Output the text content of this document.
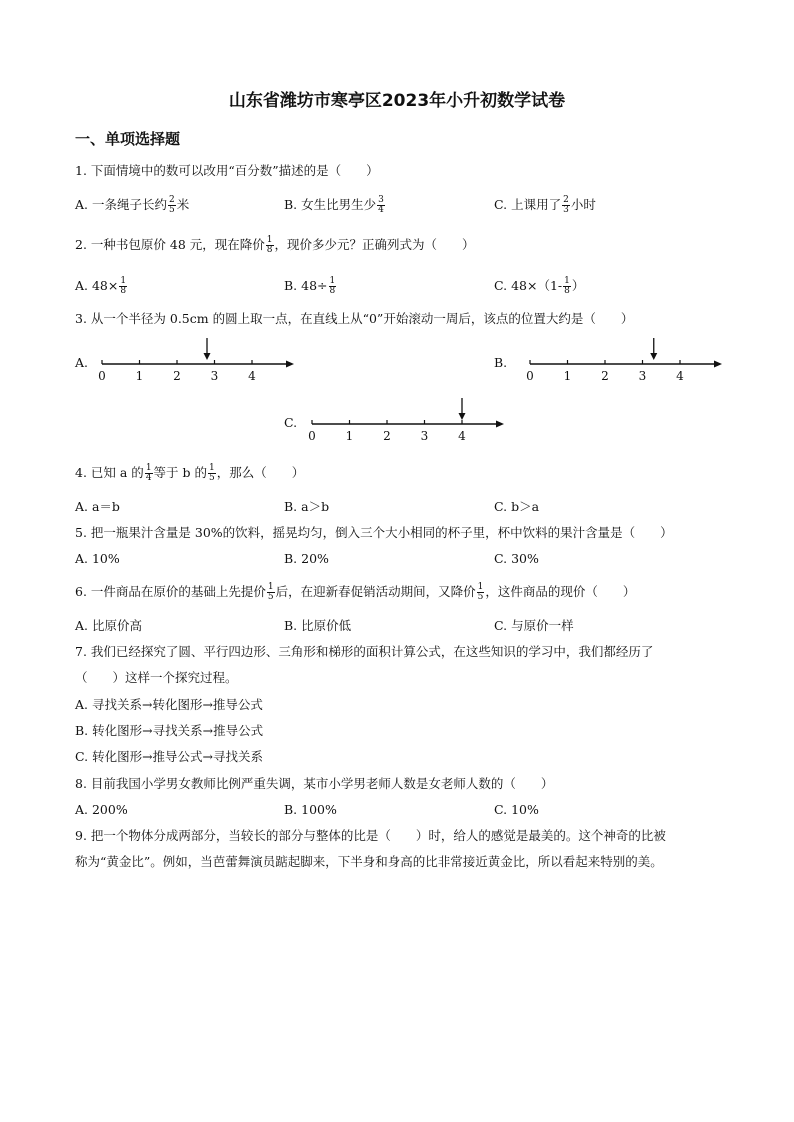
山东省潍坊市寒亭区2023年小升初数学试卷
一、单项选择题
1. 下面情境中的数可以改用“百分数”描述的是（　　）
A. 一条绳子长约 $\frac{2}{5}$ 米	B. 女生比男生少 $\frac{3}{4}$	C. 上课用了 $\frac{2}{3}$ 小时
2. 一种书包原价 48 元，现在降价 $\frac{1}{8}$ ，现价多少元？正确列式为（　　）
A. $48\times \frac{1}{8}$	B. $48\div \frac{1}{8}$	C. $48\times(1- \frac{1}{8}$ ）
3. 从一个半径为 0.5cm 的圆上取一点，在直线上从“0”开始滚动一周后，该点的位置大约是（　　）
A.
0 1 2 3 4
B.
0 1 2 3 4
C.
0 1 2 3 4
4. 已知 a 的 $\frac{1}{4}$ 等于 b 的 $\frac{1}{5}$ ，那么（　　）
A. a＝b	B. a＞b	C. b＞a
5. 把一瓶果汁含量是 30%的饮料，摇晃均匀，倒入三个大小相同的杯子里，杯中饮料的果汁含量是（　　）
A. 10%	B. 20%	C. 30%
6. 一件商品在原价的基础上先提价 $\frac{1}{5}$ 后，在迎新春促销活动期间，又降价 $\frac{1}{5}$ ，这件商品的现价（　　）
A. 比原价高	B. 比原价低	C. 与原价一样
7. 我们已经探究了圆、平行四边形、三角形和梯形的面积计算公式，在这些知识的学习中，我们都经历了
（　　）这样一个探究过程。
A. 寻找关系→转化图形→推导公式
B. 转化图形→寻找关系→推导公式
C. 转化图形→推导公式→寻找关系
8. 目前我国小学男女教师比例严重失调，某市小学男老师人数是女老师人数的（　　）
A. 200%	B. 100%	C. 10%
9. 把一个物体分成两部分，当较长的部分与整体的比是（　　）时，给人的感觉是最美的。这个神奇的比被
称为“黄金比”。例如，当芭蕾舞演员踮起脚来，下半身和身高的比非常接近黄金比，所以看起来特别的美。
